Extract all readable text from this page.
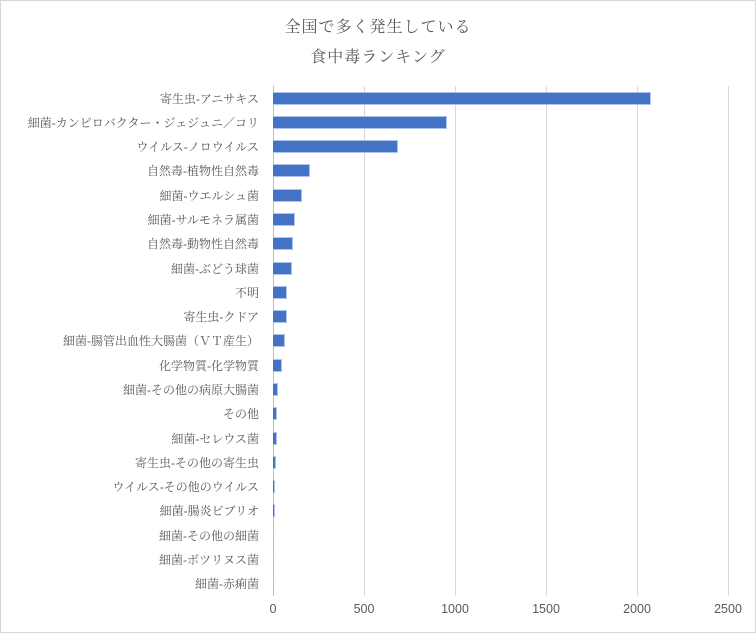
全国で多く発生している
食中毒ランキング
寄生虫-アニサキス
細菌-カンピロバクター・ジェジュニ／コリ
ウイルス-ノロウイルス
自然毒-植物性自然毒
細菌-ウエルシュ菌
細菌-サルモネラ属菌
自然毒-動物性自然毒
細菌-ぶどう球菌
不明
寄生虫-クドア
細菌-腸管出血性大腸菌（ＶＴ産生）
化学物質-化学物質
細菌-その他の病原大腸菌
その他
細菌-セレウス菌
寄生虫-その他の寄生虫
ウイルス-その他のウイルス
細菌-腸炎ビブリオ
細菌-その他の細菌
細菌-ボツリヌス菌
細菌-赤痢菌
0	500	1000	1500	2000	2500
